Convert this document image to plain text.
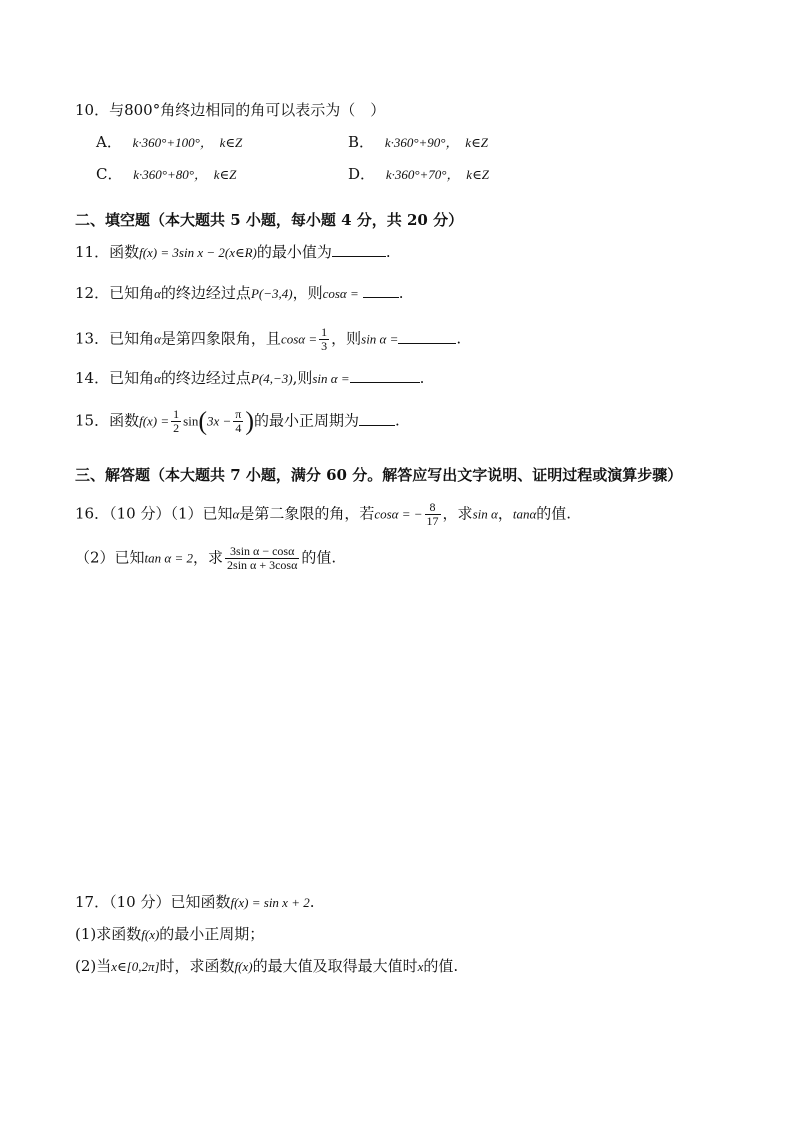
10．与800°角终边相同的角可以表示为（　）
A． k·360°+100°， k∈Z	B． k·360°+90°， k∈Z
C． k·360°+80°， k∈Z	D． k·360°+70°， k∈Z
二、填空题（本大题共 5 小题，每小题 4 分，共 20 分）
11．函数f(x) = 3sin x − 2(x∈R)的最小值为	.
12．已知角α的终边经过点P(−3,4)，则cosα =	.
13．已知角α是第四象限角，且$\cos\alpha = \frac{1}{3}$ ，则sin α =	.
14．已知角α的终边经过点P(4,−3),则sin α =	.
15．函数$f(x) = \frac{1}{2} \sin(3x - \frac{\pi}{4}$ )的最小正周期为 .
三、解答题（本大题共 7 小题，满分 60 分。解答应写出文字说明、证明过程或演算步骤）
16．（10 分）（1）已知α是第二象限的角，若cosα = − $\frac{8}{17}$ ，求sin α，tanα的值.
（2）已知tan α = 2，求 $\frac{\text{3sin α − cosα}}{\text{2sin α + 3cosα}}$ 的值.
17．（10 分）已知函数f(x) = sin x + 2.
(1)求函数f(x)的最小正周期；
(2)当x∈[0,2π]时，求函数f(x)的最大值及取得最大值时x的值.
